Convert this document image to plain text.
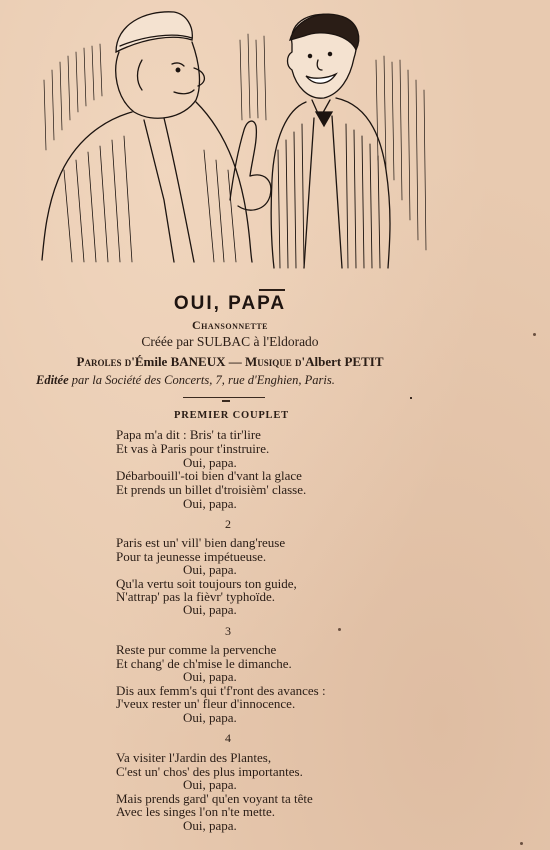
OUI, PAPA
Chansonnette
Créée par SULBAC à l'Eldorado
Paroles d'Émile BANEUX — Musique d'Albert PETIT
Editée par la Société des Concerts, 7, rue d'Enghien, Paris.
PREMIER COUPLET
Papa m'a dit : Bris' ta tir'lire
Et vas à Paris pour t'instruire.
Oui, papa.
Débarbouill'-toi bien d'vant la glace
Et prends un billet d'troisièm' classe.
Oui, papa.
2
Paris est un' vill' bien dang'reuse
Pour ta jeunesse impétueuse.
Oui, papa.
Qu'la vertu soit toujours ton guide,
N'attrap' pas la fièvr' typhoïde.
Oui, papa.
3
Reste pur comme la pervenche
Et chang' de ch'mise le dimanche.
Oui, papa.
Dis aux femm's qui t'f'ront des avances :
J'veux rester un' fleur d'innocence.
Oui, papa.
4
Va visiter l'Jardin des Plantes,
C'est un' chos' des plus importantes.
Oui, papa.
Mais prends gard' qu'en voyant ta tête
Avec les singes l'on n'te mette.
Oui, papa.
